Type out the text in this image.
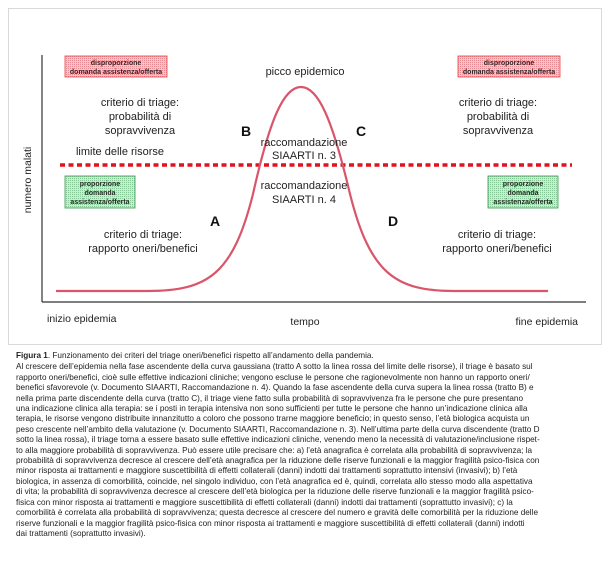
disproporzione
domanda assistenza/offerta
disproporzione
domanda assistenza/offerta
proporzione
domanda
assistenza/offerta
proporzione
domanda
assistenza/offerta
picco epidemico
criterio di triage:
probabilità di
sopravvivenza
criterio di triage:
probabilità di
sopravvivenza
limite delle risorse
B	C
A	D
raccomandazione
SIAARTI n. 3
raccomandazione
SIAARTI n. 4
criterio di triage:
rapporto oneri/benefici
criterio di triage:
rapporto oneri/benefici
numero malati
inizio epidemia	tempo	fine epidemia

Figura 1. Funzionamento dei criteri del triage oneri/benefici rispetto all’andamento della pandemia.

Al crescere dell’epidemia nella fase ascendente della curva gaussiana (tratto A sotto la linea rossa del limite delle risorse), il triage è basato sul

rapporto oneri/benefici, cioè sulle effettive indicazioni cliniche; vengono escluse le persone che ragionevolmente non hanno un rapporto oneri/

benefici sfavorevole (v. Documento SIAARTI, Raccomandazione n. 4). Quando la fase ascendente della curva supera la linea rossa (tratto B) e

nella prima parte discendente della curva (tratto C), il triage viene fatto sulla probabilità di sopravvivenza fra le persone che pure presentano

una indicazione clinica alla terapia: se i posti in terapia intensiva non sono sufficienti per tutte le persone che hanno un’indicazione clinica alla

terapia, le risorse vengono distribuite innanzitutto a coloro che possono trarne maggiore beneficio; in questo senso, l’età biologica acquista un

peso crescente nell’ambito della valutazione (v. Documento SIAARTI, Raccomandazione n. 3). Nell’ultima parte della curva discendente (tratto D

sotto la linea rossa), il triage torna a essere basato sulle effettive indicazioni cliniche, venendo meno la necessità di valutazione/inclusione rispet-

to alla maggiore probabilità di sopravvivenza. Può essere utile precisare che: a) l’età anagrafica è correlata alla probabilità di sopravvivenza; la

probabilità di sopravvivenza decresce al crescere dell’età anagrafica per la riduzione delle riserve funzionali e la maggior fragilità psico-fisica con

minor risposta ai trattamenti e maggiore suscettibilità di effetti collaterali (danni) indotti dai trattamenti soprattutto intensivi (invasivi); b) l’età

biologica, in assenza di comorbilità, coincide, nel singolo individuo, con l’età anagrafica ed è, quindi, correlata allo stesso modo alla aspettativa

di vita; la probabilità di sopravvivenza decresce al crescere dell’età biologica per la riduzione delle riserve funzionali e la maggior fragilità psico-

fisica con minor risposta ai trattamenti e maggiore suscettibilità di effetti collaterali (danni) indotti dai trattamenti (soprattutto invasivi); c) la

comorbilità è correlata alla probabilità di sopravvivenza; questa decresce al crescere del numero e gravità delle comorbilità per la riduzione delle

riserve funzionali e la maggior fragilità psico-fisica con minor risposta ai trattamenti e maggiore suscettibilità di effetti collaterali (danni) indotti

dai trattamenti (soprattutto invasivi).
